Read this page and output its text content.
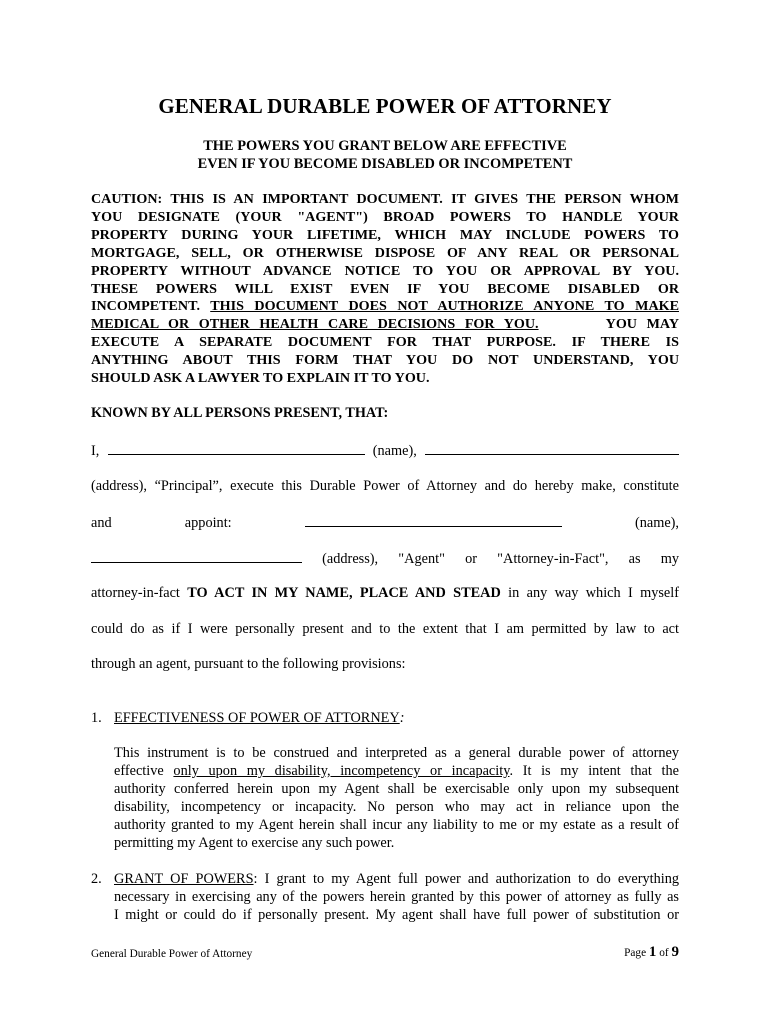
GENERAL DURABLE POWER OF ATTORNEY
THE POWERS YOU GRANT BELOW ARE EFFECTIVE
EVEN IF YOU BECOME DISABLED OR INCOMPETENT
CAUTION: THIS IS AN IMPORTANT DOCUMENT. IT GIVES THE PERSON WHOM
YOU DESIGNATE (YOUR "AGENT") BROAD POWERS TO HANDLE YOUR
PROPERTY DURING YOUR LIFETIME, WHICH MAY INCLUDE POWERS TO
MORTGAGE, SELL, OR OTHERWISE DISPOSE OF ANY REAL OR PERSONAL
PROPERTY WITHOUT ADVANCE NOTICE TO YOU OR APPROVAL BY YOU.
THESE POWERS WILL EXIST EVEN IF YOU BECOME DISABLED OR
INCOMPETENT. THIS DOCUMENT DOES NOT AUTHORIZE ANYONE TO MAKE
MEDICAL OR OTHER HEALTH CARE DECISIONS FOR YOU.	YOU MAY
EXECUTE A SEPARATE DOCUMENT FOR THAT PURPOSE. IF THERE IS
ANYTHING ABOUT THIS FORM THAT YOU DO NOT UNDERSTAND, YOU
SHOULD ASK A LAWYER TO EXPLAIN IT TO YOU.
KNOWN BY ALL PERSONS PRESENT, THAT:
I,	(name),
(address), “Principal”, execute this Durable Power of Attorney and do hereby make, constitute
and	appoint:	(name),
(address), "Agent" or "Attorney-in-Fact", as my
attorney-in-fact TO ACT IN MY NAME, PLACE AND STEAD in any way which I myself
could do as if I were personally present and to the extent that I am permitted by law to act
through an agent, pursuant to the following provisions:
1. EFFECTIVENESS OF POWER OF ATTORNEY:
This instrument is to be construed and interpreted as a general durable power of attorney
effective only upon my disability, incompetency or incapacity. It is my intent that the
authority conferred herein upon my Agent shall be exercisable only upon my subsequent
disability, incompetency or incapacity. No person who may act in reliance upon the
authority granted to my Agent herein shall incur any liability to me or my estate as a result of
permitting my Agent to exercise any such power.
2. GRANT OF POWERS: I grant to my Agent full power and authorization to do everything
necessary in exercising any of the powers herein granted by this power of attorney as fully as
I might or could do if personally present. My agent shall have full power of substitution or
General Durable Power of Attorney	Page 1 of 9
